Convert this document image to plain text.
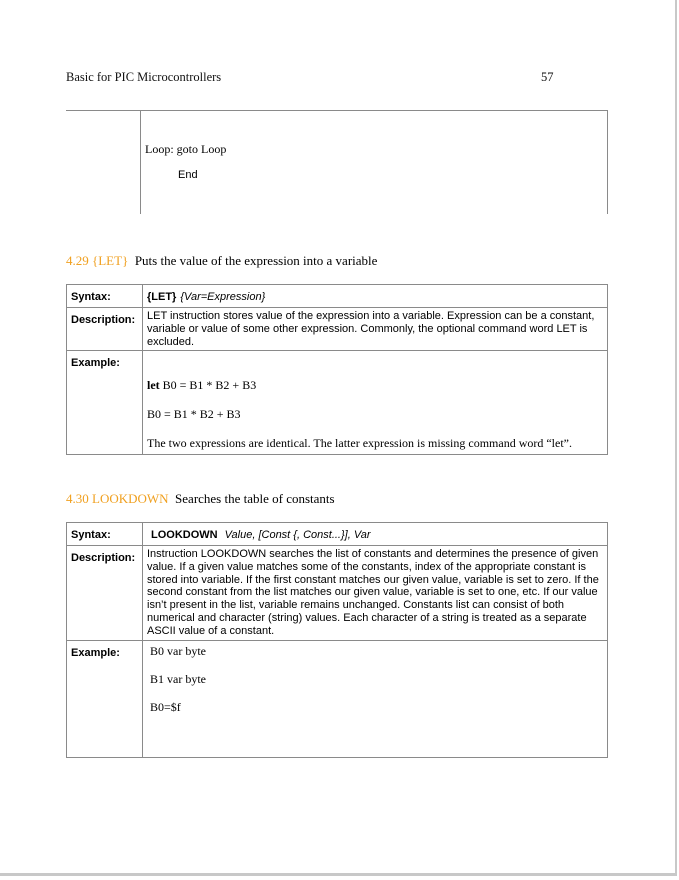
Basic for PIC Microcontrollers	57

Loop: goto Loop
End
4.29 {LET} Puts the value of the expression into a variable
Syntax:	{LET} {Var=Expression}
Description:	LET instruction stores value of the expression into a variable. Expression can be a constant, variable or value of some other expression. Commonly, the optional command word LET is excluded.
Example:	let B0 = B1 * B2 + B3
B0 = B1 * B2 + B3
The two expressions are identical. The latter expression is missing command word “let”.
4.30 LOOKDOWN Searches the table of constants
Syntax:	LOOKDOWN Value, [Const {, Const...}], Var
Description:	Instruction LOOKDOWN searches the list of constants and determines the presence of given value. If a given value matches some of the constants, index of the appropriate constant is stored into variable. If the first constant matches our given value, variable is set to zero. If the second constant from the list matches our given value, variable is set to one, etc. If our value isn’t present in the list, variable remains unchanged. Constants list can consist of both numerical and character (string) values. Each character of a string is treated as a separate ASCII value of a constant.
Example:	B0 var byte
B1 var byte
B0=$f
